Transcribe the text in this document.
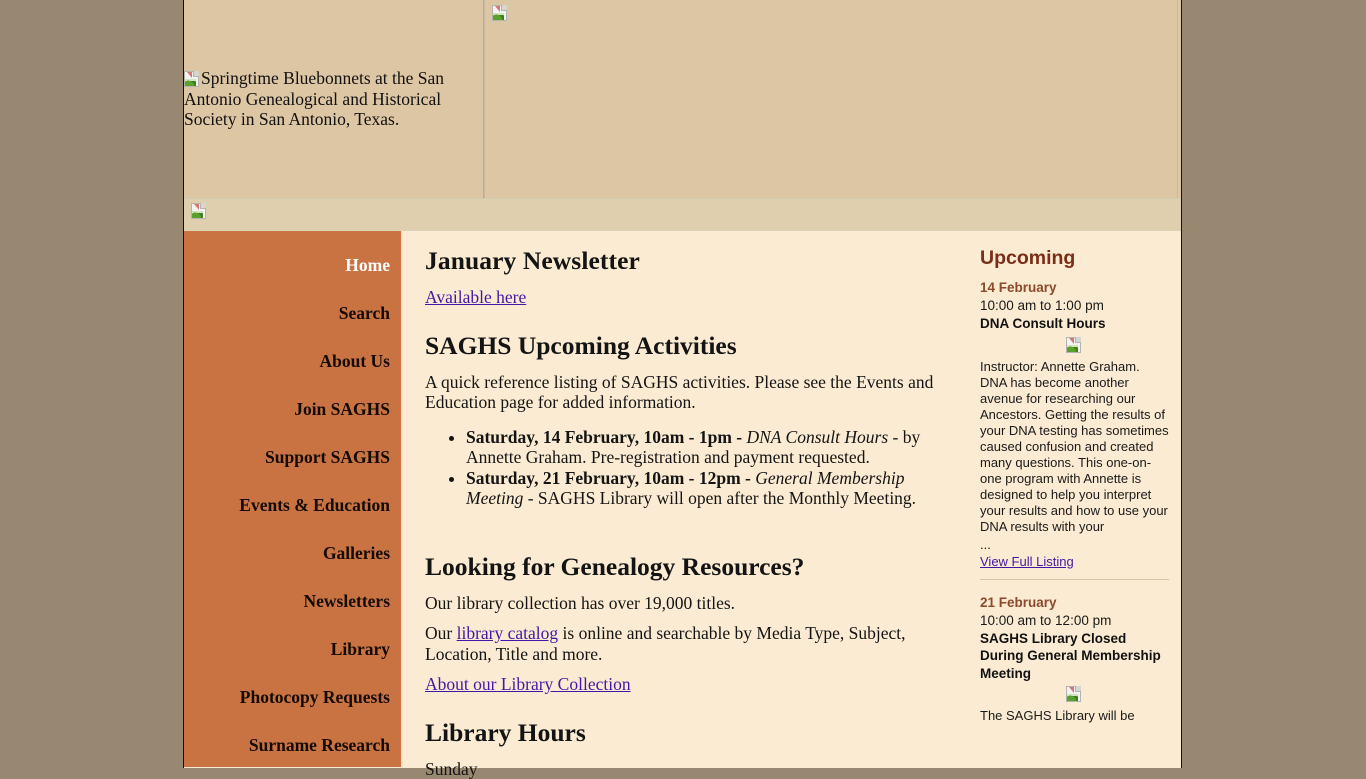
Springtime Bluebonnets at the San Antonio Genealogical and Historical Society in San Antonio, Texas.
Home
Search
About Us
Join SAGHS
Support SAGHS
Events & Education
Galleries
Newsletters
Library
Photocopy Requests
Surname Research
January Newsletter

Available here

SAGHS Upcoming Activities

A quick reference listing of SAGHS activities. Please see the Events and Education page for added information.

• Saturday, 14 February, 10am - 1pm - DNA Consult Hours - by Annette Graham. Pre-registration and payment requested.
• Saturday, 21 February, 10am - 12pm - General Membership Meeting - SAGHS Library will open after the Monthly Meeting.
Looking for Genealogy Resources?

Our library collection has over 19,000 titles.

Our library catalog is online and searchable by Media Type, Subject, Location, Title and more.

About our Library Collection

Library Hours

Sunday

Upcoming
14 February
10:00 am to 1:00 pm
DNA Consult Hours
Instructor: Annette Graham. DNA has become another avenue for researching our Ancestors. Getting the results of your DNA testing has sometimes caused confusion and created many questions. This one-on-one program with Annette is designed to help you interpret your results and how to use your DNA results with your
...
View Full Listing
21 February
10:00 am to 12:00 pm
SAGHS Library Closed During General Membership Meeting
The SAGHS Library will be
